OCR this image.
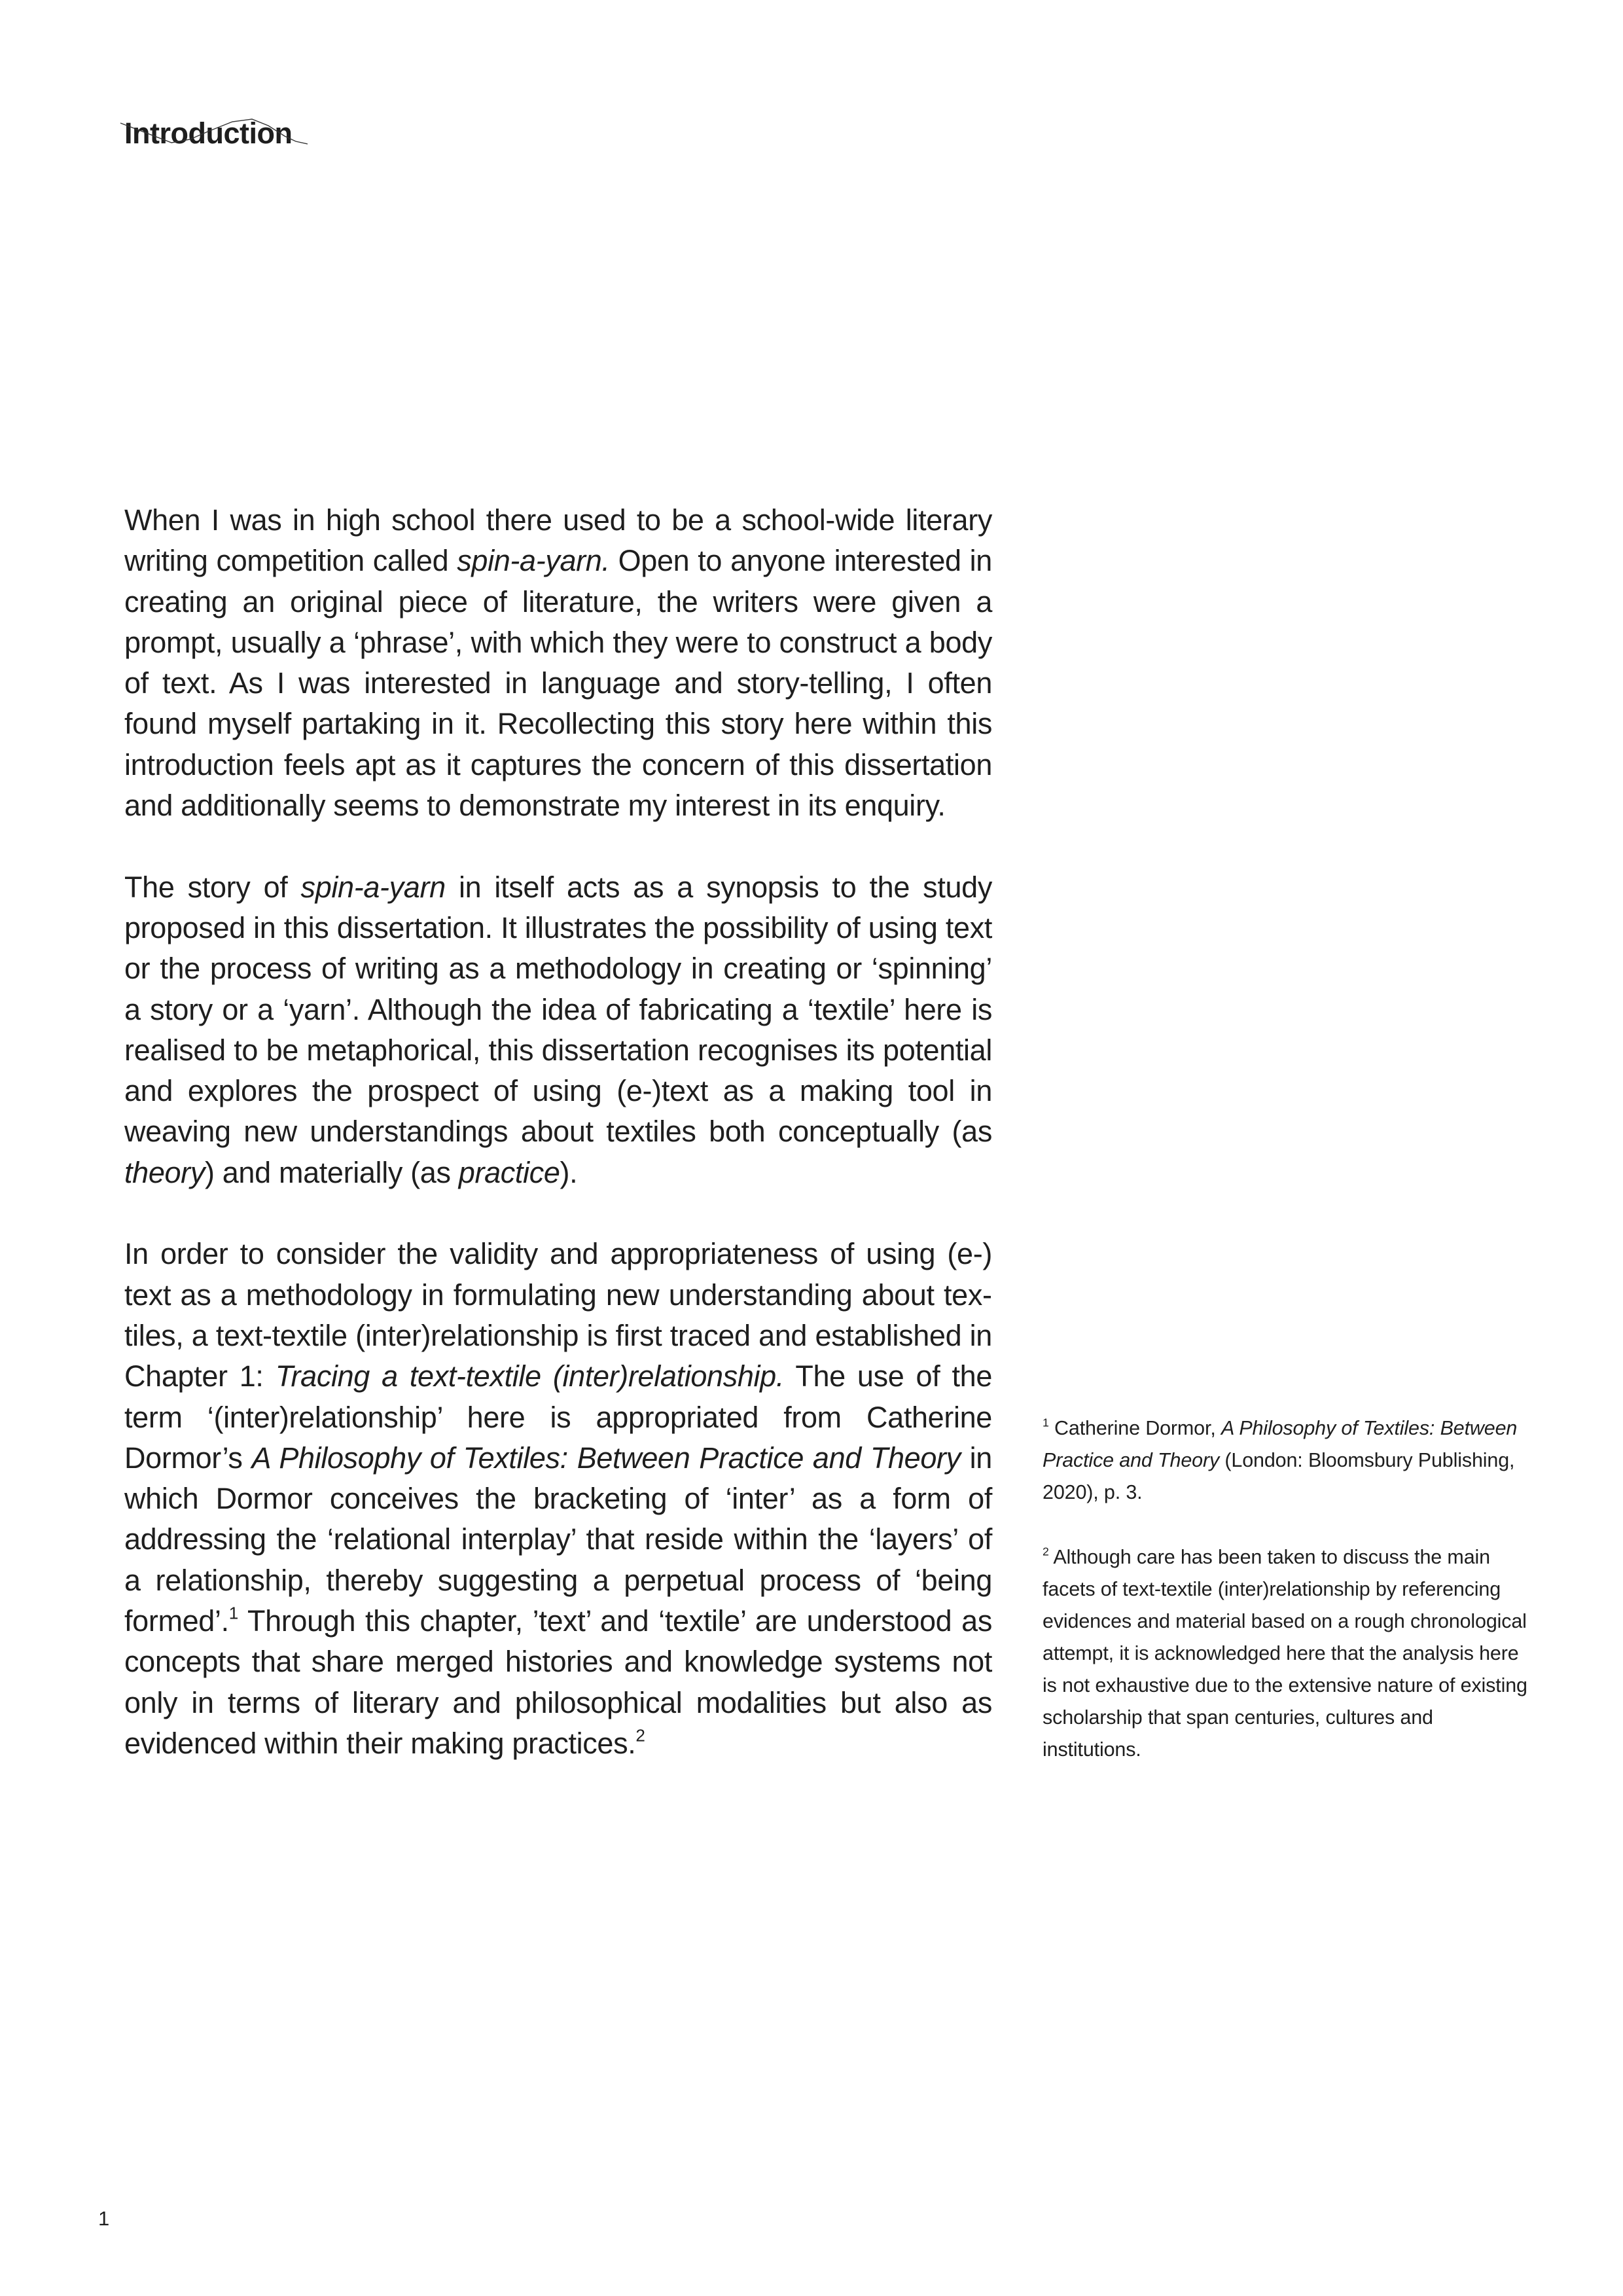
Introduction

When I was in high school there used to be a school-wide literary writing competition called spin-a-yarn. Open to anyone interested in creating an original piece of literature, the writers were given a prompt, usually a ‘phrase’, with which they were to construct a body of text. As I was interested in language and story-telling, I often found myself partaking in it. Recollecting this story here within this introduction feels apt as it captures the concern of this dissertation and additionally seems to demonstrate my interest in its enquiry.

The story of spin-a-yarn in itself acts as a synopsis to the study proposed in this dissertation. It illustrates the possibility of using text or the process of writing as a methodology in creating or ‘spinning’ a story or a ‘yarn’. Although the idea of fabricating a ‘textile’ here is realised to be metaphorical, this dissertation recognises its potential and explores the prospect of using (e-)text as a making tool in weaving new understandings about textiles both conceptually (as theory) and materially (as practice).

In order to consider the validity and appropriateness of using (e-)​text as a methodology in formulating new understanding about textiles, a text-textile (inter)relationship is first traced and established in Chapter 1: Tracing a text-textile (inter)relationship. The use of the term ‘(inter)relationship’ here is appropriated from Catherine Dormor’s A Philosophy of Textiles: Between Practice and Theory in which Dormor conceives the bracketing of ‘inter’ as a form of addressing the ‘relational interplay’ that reside within the ‘layers’ of a relationship, thereby suggesting a perpetual process of ‘being formed’.$^1$ Through this chapter, ’text’ and ‘textile’ are understood as concepts that share merged histories and knowledge systems not only in terms of literary and philosophical modalities but also as evidenced within their making practices.$^2$

$^1$ Catherine Dormor, A Philosophy of Textiles: Between Practice and Theory (London: Bloomsbury Publishing, 2020), p. 3.

$^2$ Although care has been taken to discuss the main facets of text-textile (inter)relationship by referencing evidences and material based on a rough chronological attempt, it is acknowledged here that the analysis here is not exhaustive due to the extensive nature of existing scholarship that span centuries, cultures and institutions.

1
